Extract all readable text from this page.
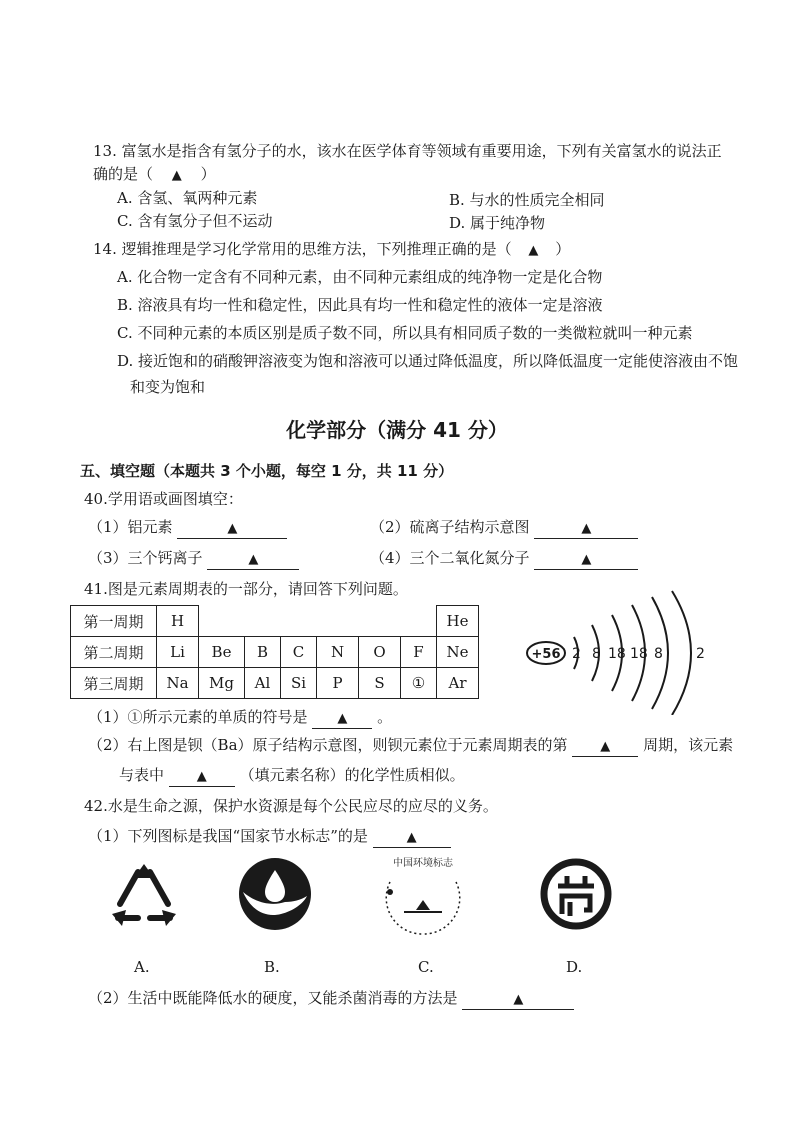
13. 富氢水是指含有氢分子的水，该水在医学体育等领域有重要用途，下列有关富氢水的说法正
确的是（ ▲ ）
A. 含氢、氧两种元素	B. 与水的性质完全相同
C. 含有氢分子但不运动	D. 属于纯净物
14. 逻辑推理是学习化学常用的思维方法，下列推理正确的是（ ▲ ）
A. 化合物一定含有不同种元素，由不同种元素组成的纯净物一定是化合物
B. 溶液具有均一性和稳定性，因此具有均一性和稳定性的液体一定是溶液
C. 不同种元素的本质区别是质子数不同，所以具有相同质子数的一类微粒就叫一种元素
D. 接近饱和的硝酸钾溶液变为饱和溶液可以通过降低温度，所以降低温度一定能使溶液由不饱
和变为饱和
化学部分（满分 41 分）
五、填空题（本题共 3 个小题，每空 1 分，共 11 分）
40.学用语或画图填空：
（1）铝元素	▲	（2）硫离子结构示意图	▲
（3）三个钙离子	▲	（4）三个二氧化氮分子	▲
41.图是元素周期表的一部分，请回答下列问题。
第一周期	H							He
第二周期	Li	Be	B	C	N	O	F	Ne
第三周期	Na	Mg	Al	Si	P	S	①	Ar
+56 2 8 18 18 8 2
（1）①所示元素的单质的符号是 ▲ 。
（2）右上图是钡（Ba）原子结构示意图，则钡元素位于元素周期表的第	▲ 周期，该元素
与表中	▲ （填元素名称）的化学性质相似。
42.水是生命之源，保护水资源是每个公民应尽的应尽的义务。
（1）下列图标是我国“国家节水标志”的是	▲
A.	B.
中国环境标志
C.	D.
（2）生活中既能降低水的硬度，又能杀菌消毒的方法是	▲
